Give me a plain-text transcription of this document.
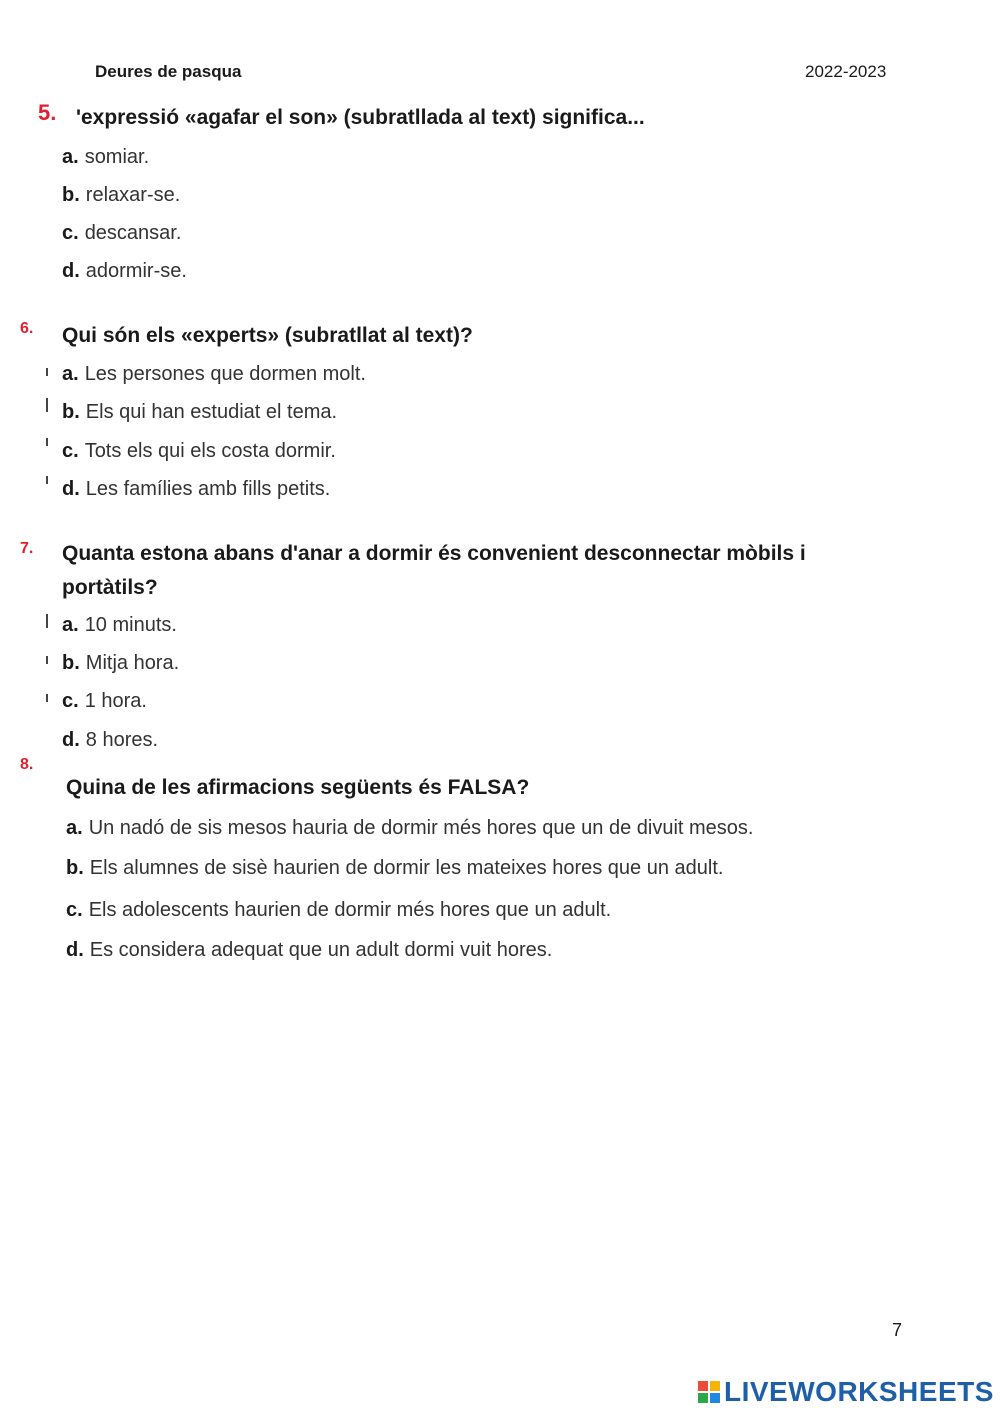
Deures de pasqua	2022-2023
5. 'expressió «agafar el son» (subratllada al text) significa...
a. somiar.
b. relaxar-se.
c. descansar.
d. adormir-se.
6. Qui són els «experts» (subratllat al text)?
a. Les persones que dormen molt.
b. Els qui han estudiat el tema.
c. Tots els qui els costa dormir.
d. Les famílies amb fills petits.
7. Quanta estona abans d'anar a dormir és convenient desconnectar mòbils i
portàtils?
a. 10 minuts.
b. Mitja hora.
c. 1 hora.
d. 8 hores.
8.
Quina de les afirmacions següents és FALSA?
a. Un nadó de sis mesos hauria de dormir més hores que un de divuit mesos.
b. Els alumnes de sisè haurien de dormir les mateixes hores que un adult.
c. Els adolescents haurien de dormir més hores que un adult.
d. Es considera adequat que un adult dormi vuit hores.
7
LIVEWORKSHEETS
